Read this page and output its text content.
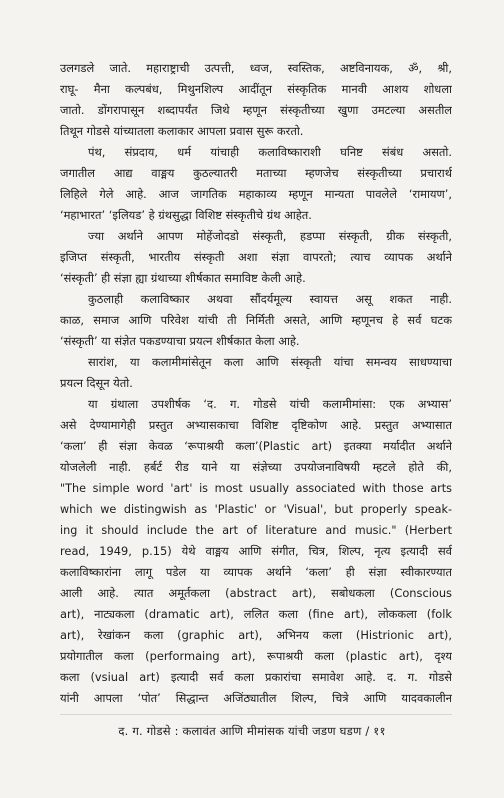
उलगडले जाते. महाराष्ट्राची उत्पत्ती, ध्वज, स्वस्तिक, अष्टविनायक, ॐ, श्री,
राघू- मैना कल्पबंध, मिथुनशिल्प आदींतून संस्कृतिक मानवी आशय शोधला
जातो. डोंगरापासून शब्दापर्यंत जिथे म्हणून संस्कृतीच्या खुणा उमटल्या असतील
तिथून गोडसे यांच्यातला कलाकार आपला प्रवास सुरू करतो.
पंथ, संप्रदाय, धर्म यांचाही कलाविष्काराशी घनिष्ट संबंध असतो.
जगातील आद्य वाङ्मय कुठल्यातरी मताच्या म्हणजेच संस्कृतीच्या प्रचारार्थ
लिहिले गेले आहे. आज जागतिक महाकाव्य म्हणून मान्यता पावलेले ‘रामायण’,
‘महाभारत’ ‘इलियड’ हे ग्रंथसुद्धा विशिष्ट संस्कृतीचे ग्रंथ आहेत.
ज्या अर्थाने आपण मोहेंजोदडो संस्कृती, हडप्पा संस्कृती, ग्रीक संस्कृती,
इजिप्त संस्कृती, भारतीय संस्कृती अशा संज्ञा वापरतो; त्याच व्यापक अर्थाने
‘संस्कृती’ ही संज्ञा ह्या ग्रंथाच्या शीर्षकात समाविष्ट केली आहे.
कुठलाही कलाविष्कार अथवा सौंदर्यमूल्य स्वायत्त असू शकत नाही.
काळ, समाज आणि परिवेश यांची ती निर्मिती असते, आणि म्हणूनच हे सर्व घटक
‘संस्कृती’ या संज्ञेत पकडण्याचा प्रयत्न शीर्षकात केला आहे.
सारांश, या कलामीमांसेतून कला आणि संस्कृती यांचा समन्वय साधण्याचा
प्रयत्न दिसून येतो.
या ग्रंथाला उपशीर्षक ‘द. ग. गोडसे यांची कलामीमांसा: एक अभ्यास’
असे देण्यामागेही प्रस्तुत अभ्यासकाचा विशिष्ट दृष्टिकोण आहे. प्रस्तुत अभ्यासात
‘कला’ ही संज्ञा केवळ ‘रूपाश्रयी कला’(Plastic art) इतक्या मर्यादीत अर्थाने
योजलेली नाही. हर्बर्ट रीड याने या संज्ञेच्या उपयोजनाविषयी म्हटले होते की,
"The simple word 'art' is most usually associated with those arts
which we distingwish as 'Plastic' or 'Visual', but properly speak-
ing it should include the art of literature and music." (Herbert
read, 1949, p.15) येथे वाङ्मय आणि संगीत, चित्र, शिल्प, नृत्य इत्यादी सर्व
कलाविष्कारांना लागू पडेल या व्यापक अर्थाने ‘कला’ ही संज्ञा स्वीकारण्यात
आली आहे. त्यात अमूर्तकला (abstract art), सबोधकला (Conscious
art), नाट्यकला (dramatic art), ललित कला (fine art), लोककला (folk
art), रेखांकन कला (graphic art), अभिनय कला (Histrionic art),
प्रयोगातील कला (performaing art), रूपाश्रयी कला (plastic art), दृश्य
कला (vsiual art) इत्यादी सर्व कला प्रकारांचा समावेश आहे. द. ग. गोडसे
यांनी आपला ‘पोत’ सिद्धान्त अजिंठ्यातील शिल्प, चित्रे आणि यादवकालीन
द. ग. गोडसे : कलावंत आणि मीमांसक यांची जडण घडण / ११
